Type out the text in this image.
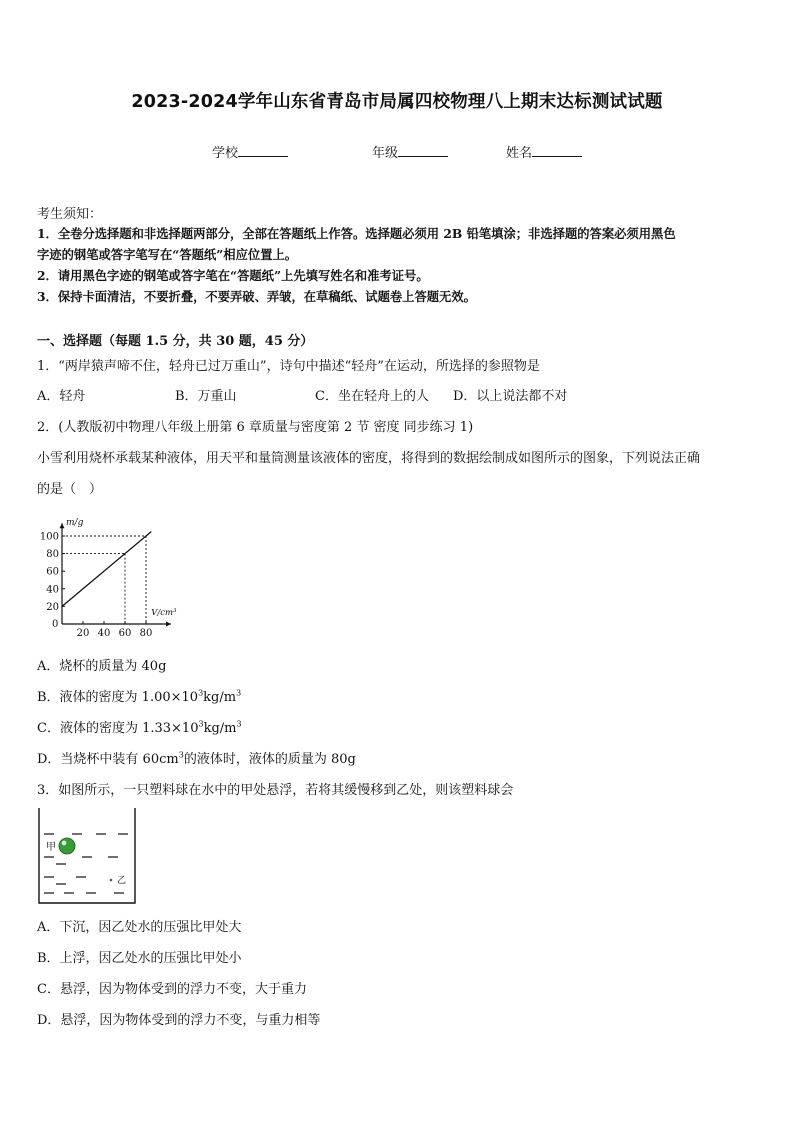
2023-2024学年山东省青岛市局属四校物理八上期末达标测试试题
学校	年级	姓名
考生须知：
1．全卷分选择题和非选择题两部分，全部在答题纸上作答。选择题必须用 2B 铅笔填涂；非选择题的答案必须用黑色
字迹的钢笔或答字笔写在“答题纸”相应位置上。
2．请用黑色字迹的钢笔或答字笔在“答题纸”上先填写姓名和准考证号。
3．保持卡面清洁，不要折叠，不要弄破、弄皱，在草稿纸、试题卷上答题无效。
一、选择题（每题 1.5 分，共 30 题，45 分）
1．“两岸猿声啼不住，轻舟已过万重山”，诗句中描述“轻舟”在运动，所选择的参照物是
A．轻舟	B．万重山	C．坐在轻舟上的人 D．以上说法都不对
2．(人教版初中物理八年级上册第 6 章质量与密度第 2 节 密度 同步练习 1)
小雪利用烧杯承载某种液体，用天平和量筒测量该液体的密度，将得到的数据绘制成如图所示的图象，下列说法正确
的是（　）
m/g
V/cm³
0
20 40 60 80
20
40
60
80
100
A．烧杯的质量为 40g
B．液体的密度为 $1.00\times 10^3kg/m^3$
C．液体的密度为 $1.33\times 10^3kg/m^3$
D．当烧杯中装有 $60cm^3$的液体时，液体的质量为 80g
3．如图所示，一只塑料球在水中的甲处悬浮，若将其缓慢移到乙处，则该塑料球会
甲
乙
A．下沉，因乙处水的压强比甲处大
B．上浮，因乙处水的压强比甲处小
C．悬浮，因为物体受到的浮力不变，大于重力
D．悬浮，因为物体受到的浮力不变，与重力相等
